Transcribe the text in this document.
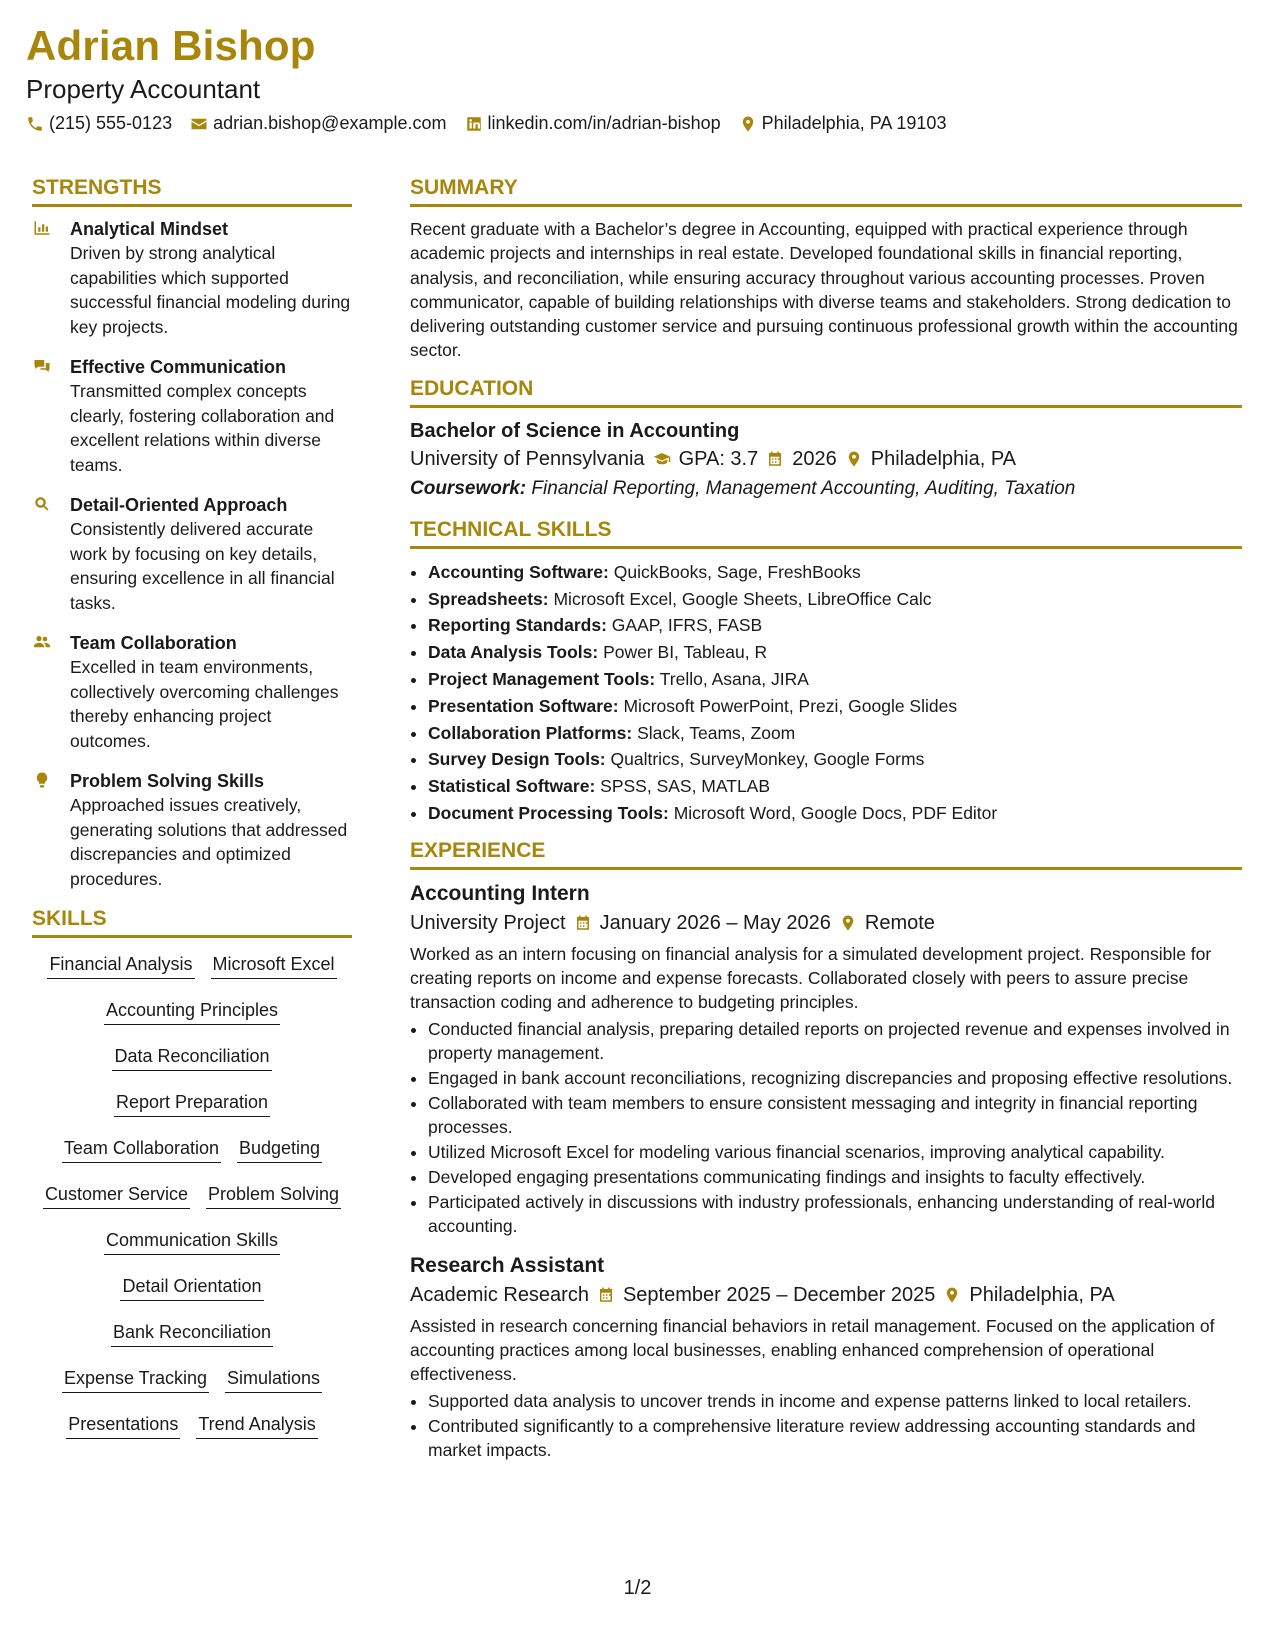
Adrian Bishop
Property Accountant
(215) 555-0123 adrian.bishop@example.com linkedin.com/in/adrian-bishop Philadelphia, PA 19103
STRENGTHS
Analytical Mindset
Driven by strong analytical capabilities which supported successful financial modeling during key projects.
Effective Communication
Transmitted complex concepts clearly, fostering collaboration and excellent relations within diverse teams.
Detail-Oriented Approach
Consistently delivered accurate work by focusing on key details, ensuring excellence in all financial tasks.
Team Collaboration
Excelled in team environments, collectively overcoming challenges thereby enhancing project outcomes.
Problem Solving Skills
Approached issues creatively, generating solutions that addressed discrepancies and optimized procedures.
SKILLS
Financial Analysis Microsoft Excel
Accounting Principles
Data Reconciliation
Report Preparation
Team Collaboration Budgeting
Customer Service Problem Solving
Communication Skills
Detail Orientation
Bank Reconciliation
Expense Tracking Simulations
Presentations Trend Analysis
SUMMARY
Recent graduate with a Bachelor’s degree in Accounting, equipped with practical experience through academic projects and internships in real estate. Developed foundational skills in financial reporting, analysis, and reconciliation, while ensuring accuracy throughout various accounting processes. Proven communicator, capable of building relationships with diverse teams and stakeholders. Strong dedication to delivering outstanding customer service and pursuing continuous professional growth within the accounting sector.
EDUCATION
Bachelor of Science in Accounting
University of Pennsylvania GPA: 3.7 2026 Philadelphia, PA
Coursework: Financial Reporting, Management Accounting, Auditing, Taxation
TECHNICAL SKILLS
• Accounting Software: QuickBooks, Sage, FreshBooks
• Spreadsheets: Microsoft Excel, Google Sheets, LibreOffice Calc
• Reporting Standards: GAAP, IFRS, FASB
• Data Analysis Tools: Power BI, Tableau, R
• Project Management Tools: Trello, Asana, JIRA
• Presentation Software: Microsoft PowerPoint, Prezi, Google Slides
• Collaboration Platforms: Slack, Teams, Zoom
• Survey Design Tools: Qualtrics, SurveyMonkey, Google Forms
• Statistical Software: SPSS, SAS, MATLAB
• Document Processing Tools: Microsoft Word, Google Docs, PDF Editor
EXPERIENCE
Accounting Intern
University Project January 2026 – May 2026 Remote
Worked as an intern focusing on financial analysis for a simulated development project. Responsible for creating reports on income and expense forecasts. Collaborated closely with peers to assure precise transaction coding and adherence to budgeting principles.
• Conducted financial analysis, preparing detailed reports on projected revenue and expenses involved in property management.
• Engaged in bank account reconciliations, recognizing discrepancies and proposing effective resolutions.
• Collaborated with team members to ensure consistent messaging and integrity in financial reporting processes.
• Utilized Microsoft Excel for modeling various financial scenarios, improving analytical capability.
• Developed engaging presentations communicating findings and insights to faculty effectively.
• Participated actively in discussions with industry professionals, enhancing understanding of real-world accounting.
Research Assistant
Academic Research September 2025 – December 2025 Philadelphia, PA
Assisted in research concerning financial behaviors in retail management. Focused on the application of accounting practices among local businesses, enabling enhanced comprehension of operational effectiveness.
• Supported data analysis to uncover trends in income and expense patterns linked to local retailers.
• Contributed significantly to a comprehensive literature review addressing accounting standards and market impacts.
1/2
